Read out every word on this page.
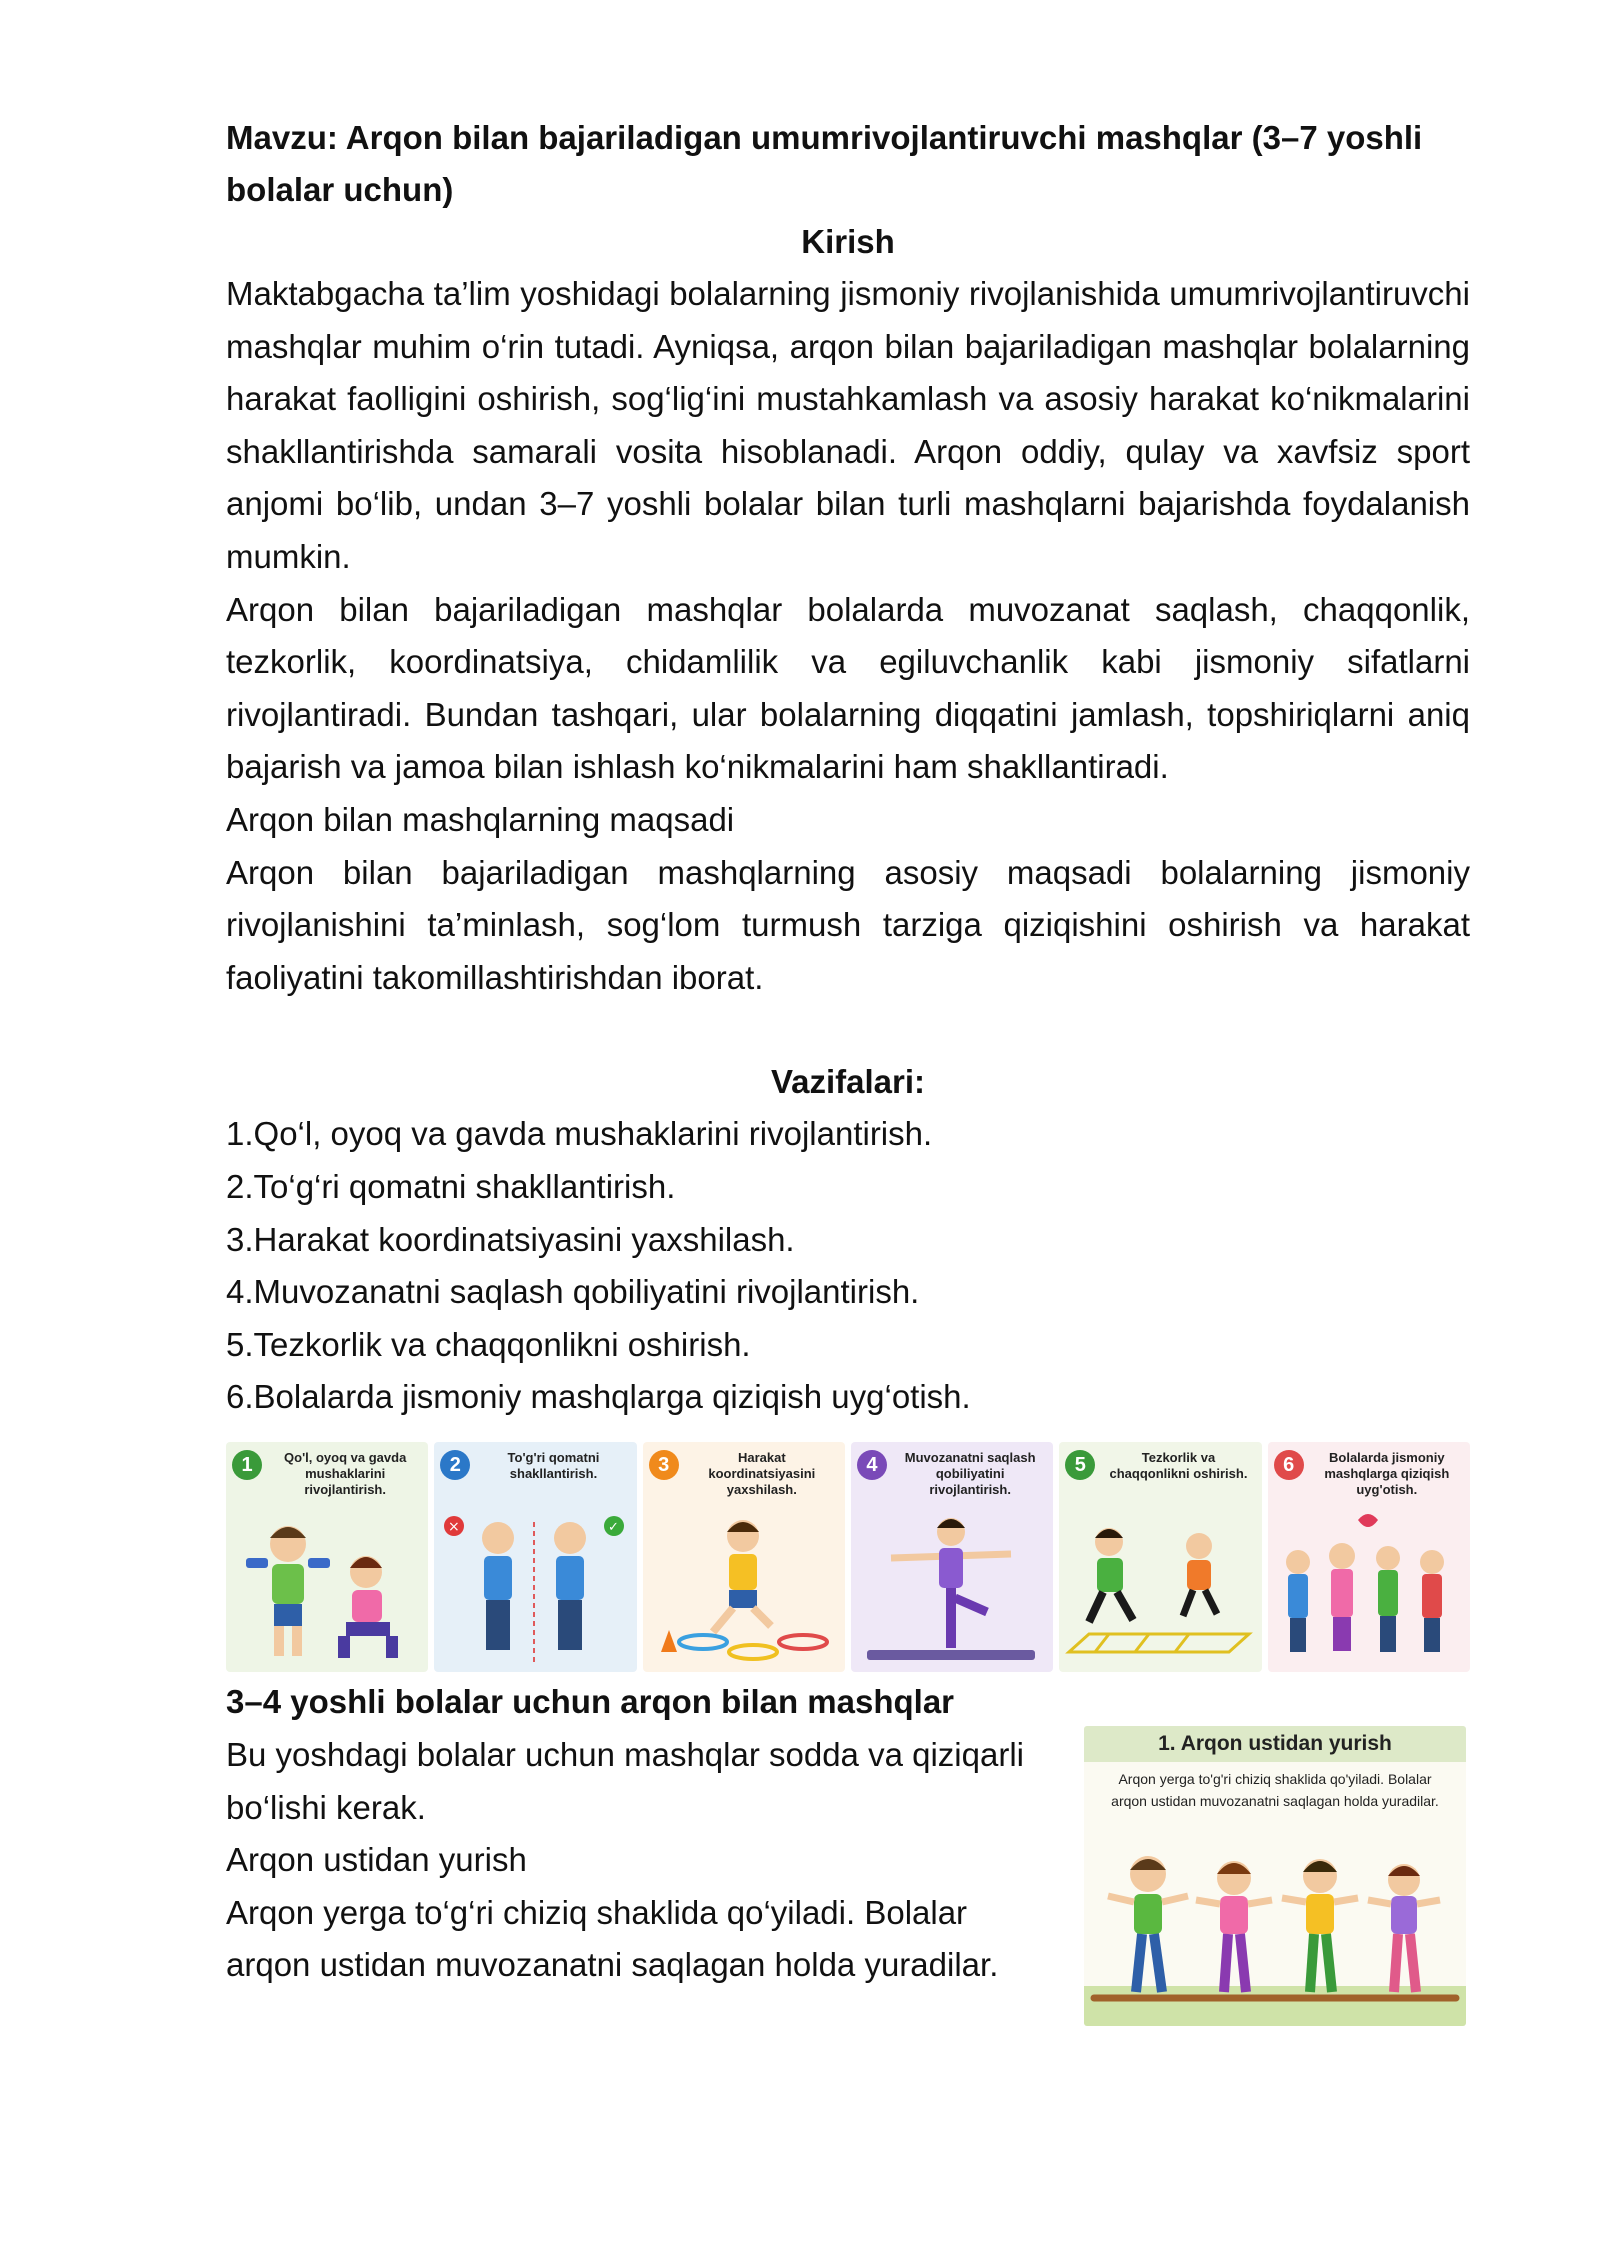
Mavzu: Arqon bilan bajariladigan umumrivojlantiruvchi mashqlar (3–7 yoshli bolalar uchun)

Kirish

Maktabgacha ta’lim yoshidagi bolalarning jismoniy rivojlanishida umumrivojlantiruvchi mashqlar muhim o‘rin tutadi. Ayniqsa, arqon bilan bajariladigan mashqlar bolalarning harakat faolligini oshirish, sog‘lig‘ini mustahkamlash va asosiy harakat ko‘nikmalarini shakllantirishda samarali vosita hisoblanadi. Arqon oddiy, qulay va xavfsiz sport anjomi bo‘lib, undan 3–7 yoshli bolalar bilan turli mashqlarni bajarishda foydalanish mumkin.

Arqon bilan bajariladigan mashqlar bolalarda muvozanat saqlash, chaqqonlik, tezkorlik, koordinatsiya, chidamlilik va egiluvchanlik kabi jismoniy sifatlarni rivojlantiradi. Bundan tashqari, ular bolalarning diqqatini jamlash, topshiriqlarni aniq bajarish va jamoa bilan ishlash ko‘nikmalarini ham shakllantiradi.

Arqon bilan mashqlarning maqsadi

Arqon bilan bajariladigan mashqlarning asosiy maqsadi bolalarning jismoniy rivojlanishini ta’minlash, sog‘lom turmush tarziga qiziqishini oshirish va harakat faoliyatini takomillashtirishdan iborat.

Vazifalari:

1.Qo‘l, oyoq va gavda mushaklarini rivojlantirish.

2.To‘g‘ri qomatni shakllantirish.

3.Harakat koordinatsiyasini yaxshilash.

4.Muvozanatni saqlash qobiliyatini rivojlantirish.

5.Tezkorlik va chaqqonlikni oshirish.

6.Bolalarda jismoniy mashqlarga qiziqish uyg‘otish.

1	Qo'l, oyoq va gavda mushaklarini rivojlantirish.
2	To'g'ri qomatni shakllantirish.
×	✓
3	Harakat koordinatsiyasini yaxshilash.
4	Muvozanatni saqlash qobiliyatini rivojlantirish.
5	Tezkorlik va chaqqonlikni oshirish.	6	Bolalarda jismoniy mashqlarga qiziqish uyg'otish.

3–4 yoshli bolalar uchun arqon bilan mashqlar

Bu yoshdagi bolalar uchun mashqlar sodda va qiziqarli bo‘lishi kerak.

Arqon ustidan yurish

Arqon yerga to‘g‘ri chiziq shaklida qo‘yiladi. Bolalar arqon ustidan muvozanatni saqlagan holda yuradilar.

1. Arqon ustidan yurish
Arqon yerga to'g'ri chiziq shaklida qo'yiladi. Bolalar arqon ustidan muvozanatni saqlagan holda yuradilar.
